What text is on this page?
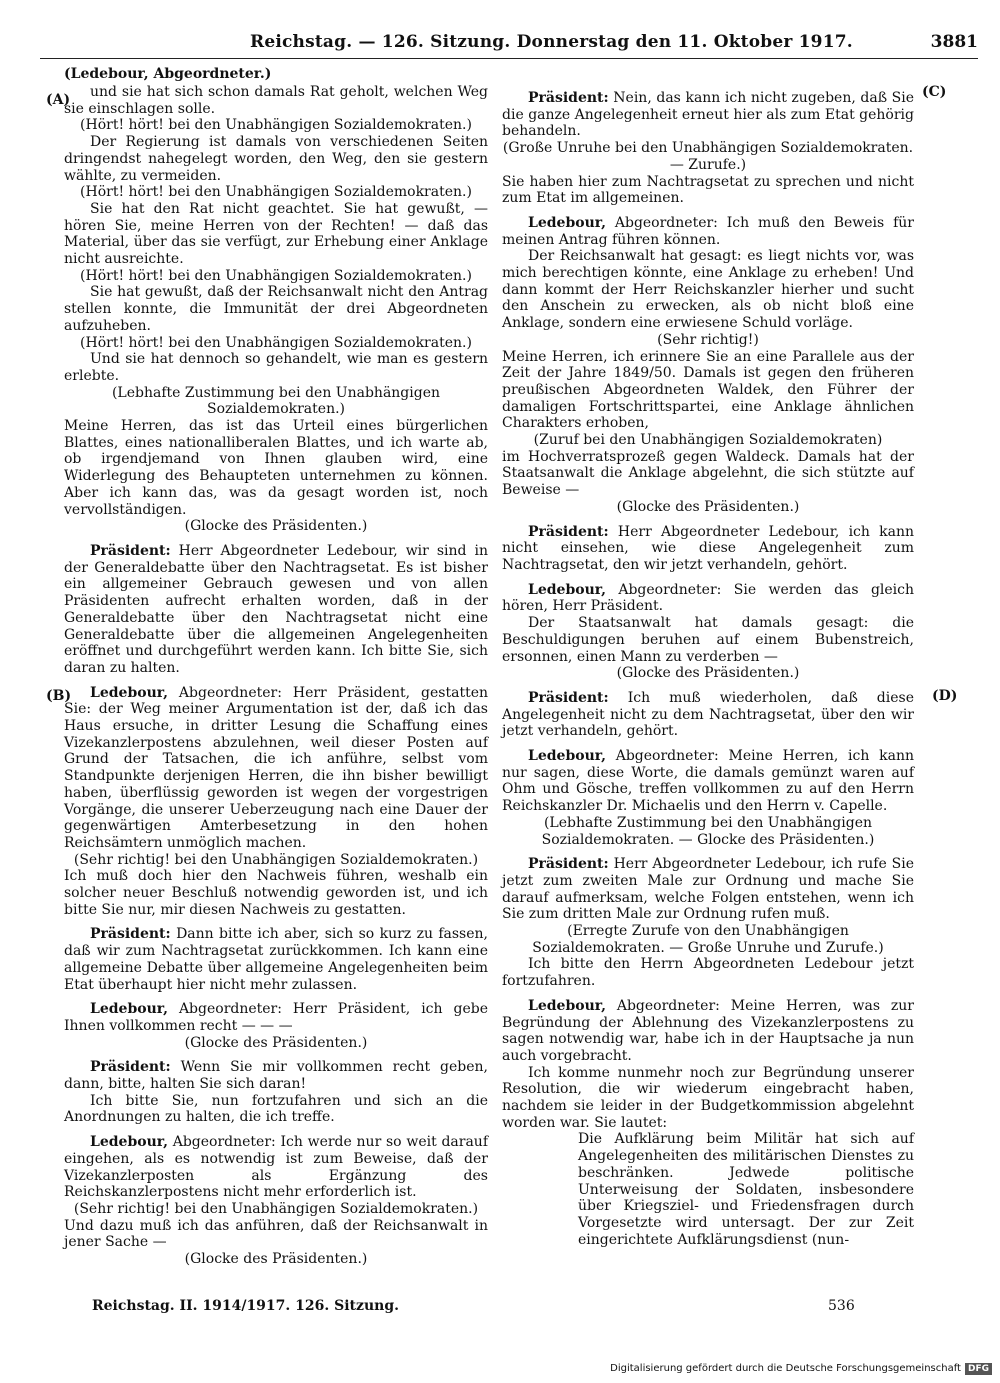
Reichstag. — 126. Sitzung. Donnerstag den 11. Oktober 1917.	3881
(Ledebour, Abgeordneter.)
(A)
(B)
(C)
(D)

und sie hat sich schon damals Rat geholt, welchen Weg sie einschlagen solle.

(Hört! hört! bei den Unabhängigen Sozialdemokraten.)

Der Regierung ist damals von verschiedenen Seiten dringendst nahegelegt worden, den Weg, den sie gestern wählte, zu vermeiden.

(Hört! hört! bei den Unabhängigen Sozialdemokraten.)

Sie hat den Rat nicht geachtet. Sie hat gewußt, — hören Sie, meine Herren von der Rechten! — daß das Material, über das sie verfügt, zur Erhebung einer Anklage nicht ausreichte.

(Hört! hört! bei den Unabhängigen Sozialdemokraten.)

Sie hat gewußt, daß der Reichsanwalt nicht den Antrag stellen konnte, die Immunität der drei Abgeordneten aufzuheben.

(Hört! hört! bei den Unabhängigen Sozialdemokraten.)

Und sie hat dennoch so gehandelt, wie man es gestern erlebte.

(Lebhafte Zustimmung bei den Unabhängigen Sozialdemokraten.)

Meine Herren, das ist das Urteil eines bürgerlichen Blattes, eines nationalliberalen Blattes, und ich warte ab, ob irgendjemand von Ihnen glauben wird, eine Widerlegung des Behaupteten unternehmen zu können. Aber ich kann das, was da gesagt worden ist, noch vervollständigen.

(Glocke des Präsidenten.)

Präsident: Herr Abgeordneter Ledebour, wir sind in der Generaldebatte über den Nachtragsetat. Es ist bisher ein allgemeiner Gebrauch gewesen und von allen Präsidenten aufrecht erhalten worden, daß in der Generaldebatte über den Nachtragsetat nicht eine Generaldebatte über die allgemeinen Angelegenheiten eröffnet und durchgeführt werden kann. Ich bitte Sie, sich daran zu halten.

Ledebour, Abgeordneter: Herr Präsident, gestatten Sie: der Weg meiner Argumentation ist der, daß ich das Haus ersuche, in dritter Lesung die Schaffung eines Vizekanzlerpostens abzulehnen, weil dieser Posten auf Grund der Tatsachen, die ich anführe, selbst vom Standpunkte derjenigen Herren, die ihn bisher bewilligt haben, überflüssig geworden ist wegen der vorgestrigen Vorgänge, die unserer Ueberzeugung nach eine Dauer der gegenwärtigen Amterbesetzung in den hohen Reichsämtern unmöglich machen.

(Sehr richtig! bei den Unabhängigen Sozialdemokraten.)

Ich muß doch hier den Nachweis führen, weshalb ein solcher neuer Beschluß notwendig geworden ist, und ich bitte Sie nur, mir diesen Nachweis zu gestatten.

Präsident: Dann bitte ich aber, sich so kurz zu fassen, daß wir zum Nachtragsetat zurückkommen. Ich kann eine allgemeine Debatte über allgemeine Angelegenheiten beim Etat überhaupt hier nicht mehr zulassen.

Ledebour, Abgeordneter: Herr Präsident, ich gebe Ihnen vollkommen recht — — —

(Glocke des Präsidenten.)

Präsident: Wenn Sie mir vollkommen recht geben, dann, bitte, halten Sie sich daran!

Ich bitte Sie, nun fortzufahren und sich an die Anordnungen zu halten, die ich treffe.

Ledebour, Abgeordneter: Ich werde nur so weit darauf eingehen, als es notwendig ist zum Beweise, daß der Vizekanzlerposten als Ergänzung des Reichskanzlerpostens nicht mehr erforderlich ist.

(Sehr richtig! bei den Unabhängigen Sozialdemokraten.)

Und dazu muß ich das anführen, daß der Reichsanwalt in jener Sache —

(Glocke des Präsidenten.)

Präsident: Nein, das kann ich nicht zugeben, daß Sie die ganze Angelegenheit erneut hier als zum Etat gehörig behandeln.

(Große Unruhe bei den Unabhängigen Sozialdemokraten. — Zurufe.)

Sie haben hier zum Nachtragsetat zu sprechen und nicht zum Etat im allgemeinen.

Ledebour, Abgeordneter: Ich muß den Beweis für meinen Antrag führen können.

Der Reichsanwalt hat gesagt: es liegt nichts vor, was mich berechtigen könnte, eine Anklage zu erheben! Und dann kommt der Herr Reichskanzler hierher und sucht den Anschein zu erwecken, als ob nicht bloß eine Anklage, sondern eine erwiesene Schuld vorläge.

(Sehr richtig!)

Meine Herren, ich erinnere Sie an eine Parallele aus der Zeit der Jahre 1849/50. Damals ist gegen den früheren preußischen Abgeordneten Waldek, den Führer der damaligen Fortschrittspartei, eine Anklage ähnlichen Charakters erhoben,

(Zuruf bei den Unabhängigen Sozialdemokraten)

im Hochverratsprozeß gegen Waldeck. Damals hat der Staatsanwalt die Anklage abgelehnt, die sich stützte auf Beweise —

(Glocke des Präsidenten.)

Präsident: Herr Abgeordneter Ledebour, ich kann nicht einsehen, wie diese Angelegenheit zum Nachtragsetat, den wir jetzt verhandeln, gehört.

Ledebour, Abgeordneter: Sie werden das gleich hören, Herr Präsident.

Der Staatsanwalt hat damals gesagt: die Beschuldigungen beruhen auf einem Bubenstreich, ersonnen, einen Mann zu verderben —

(Glocke des Präsidenten.)

Präsident: Ich muß wiederholen, daß diese Angelegenheit nicht zu dem Nachtragsetat, über den wir jetzt verhandeln, gehört.

Ledebour, Abgeordneter: Meine Herren, ich kann nur sagen, diese Worte, die damals gemünzt waren auf Ohm und Göschе, treffen vollkommen zu auf den Herrn Reichskanzler Dr. Michaelis und den Herrn v. Capelle.

(Lebhafte Zustimmung bei den Unabhängigen Sozialdemokraten. — Glocke des Präsidenten.)

Präsident: Herr Abgeordneter Ledebour, ich rufe Sie jetzt zum zweiten Male zur Ordnung und mache Sie darauf aufmerksam, welche Folgen entstehen, wenn ich Sie zum dritten Male zur Ordnung rufen muß.

(Erregte Zurufe von den Unabhängigen Sozialdemokraten. — Große Unruhe und Zurufe.)

Ich bitte den Herrn Abgeordneten Ledebour jetzt fortzufahren.

Ledebour, Abgeordneter: Meine Herren, was zur Begründung der Ablehnung des Vizekanzlerpostens zu sagen notwendig war, habe ich in der Hauptsache ja nun auch vorgebracht.

Ich komme nunmehr noch zur Begründung unserer Resolution, die wir wiederum eingebracht haben, nachdem sie leider in der Budgetkommission abgelehnt worden war. Sie lautet:

Die Aufklärung beim Militär hat sich auf Angelegenheiten des militärischen Dienstes zu beschränken. Jedwede politische Unterweisung der Soldaten, insbesondere über Kriegsziel- und Friedensfragen durch Vorgesetzte wird untersagt. Der zur Zeit eingerichtete Aufklärungsdienst (nun-

Reichstag. II. 1914/1917. 126. Sitzung.	536
Digitalisierung gefördert durch die Deutsche Forschungsgemeinschaft DFG
